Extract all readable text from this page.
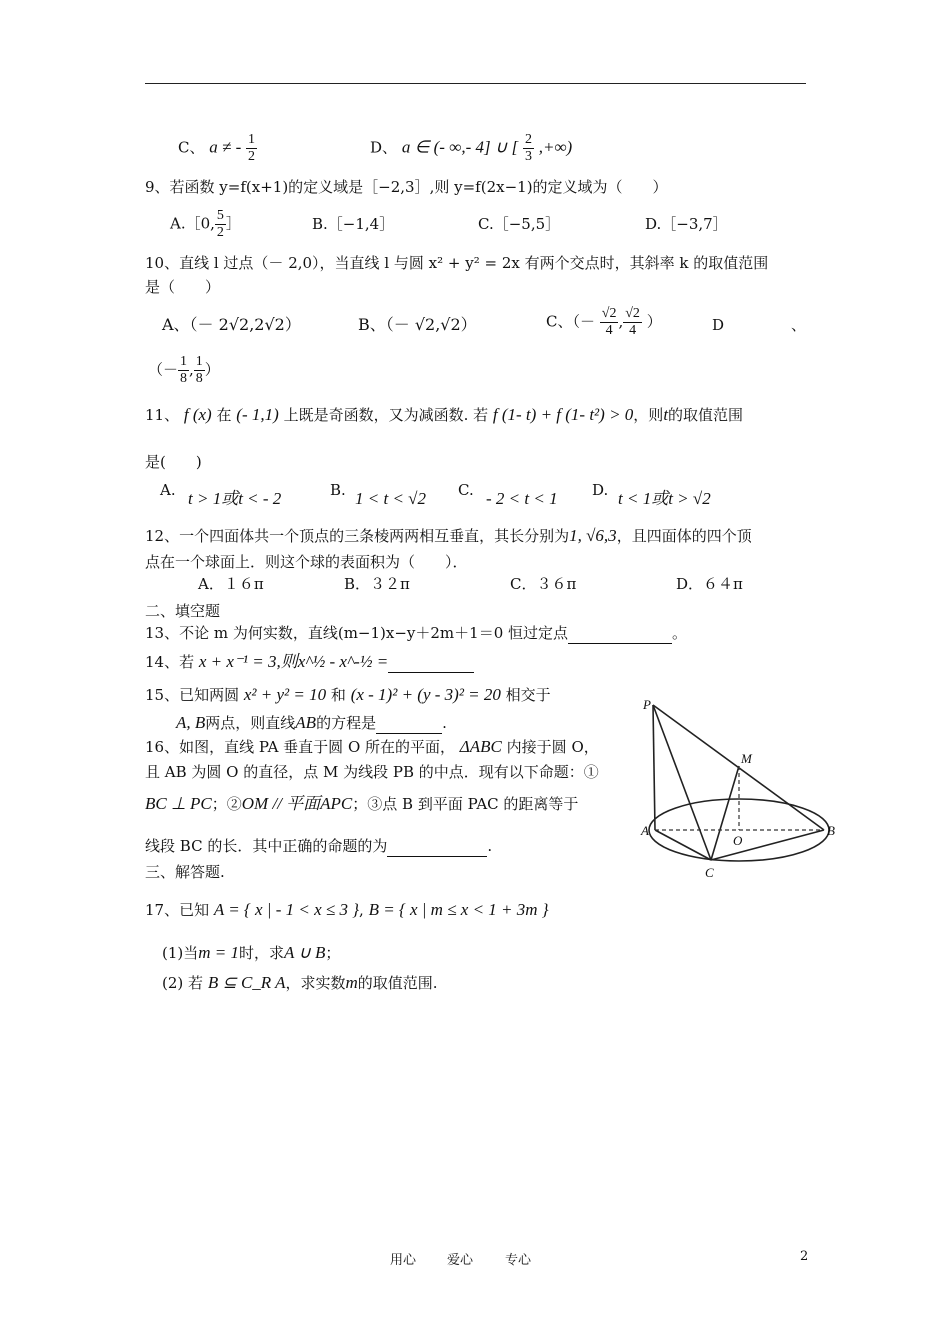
C、 a ≠ - $\frac{1}{2}$	D、 a ∈ (- ∞,- 4] ∪ [ $\frac{2}{3}$ ,+∞)
9、若函数 y=f(x+1)的定义域是［−2,3］,则 y=f(2x−1)的定义域为（　　）
A.［0, $\frac{5}{2}$ ］	B.［−1,4］	C.［−5,5］	D.［−3,7］
10、直线 l 过点（－ 2,0），当直线 l 与圆 x² + y² = 2x 有两个交点时，其斜率 k 的取值范围
是（　　）
A、（－ 2√2,2√2）	B、（－ √2,√2）	C、（－ $\frac{√2}{4}$ , $\frac{√2}{4}$ ）	D	、
（－ $\frac{1}{8}$ , $\frac{1}{8}$ ）
11、 f (x) 在 (- 1,1) 上既是奇函数，又为减函数. 若 f (1- t) + f (1- t²) > 0，则t的取值范围
是(　　)
A. t > 1或t < - 2	B. 1 < t < √2 C. - 2 < t < 1 D. t < 1或t > √2
12、一个四面体共一个顶点的三条棱两两相互垂直，其长分别为1, √6,3，且四面体的四个顶
点在一个球面上．则这个球的表面积为（　　）．
A．１６π	B．３２π	C．３６π	D．６４π
二、填空题
13、不论 m 为何实数，直线(m−1)x−y＋2m＋1＝0 恒过定点	。
14、若 x + x⁻¹ = 3,则x^½ - x^-½ =
15、已知两圆 x² + y² = 10 和 (x - 1)² + (y - 3)² = 20 相交于
A, B两点，则直线AB的方程是	.
16、如图，直线 PA 垂直于圆 O 所在的平面， ΔABC 内接于圆 O，
且 AB 为圆 O 的直径，点 M 为线段 PB 的中点．现有以下命题：①
BC ⊥ PC；②OM // 平面APC；③点 B 到平面 PAC 的距离等于
线段 BC 的长．其中正确的命题的为	.
三、解答题.
17、已知 A = { x | - 1 < x ≤ 3 }, B = { x | m ≤ x < 1 + 3m }
(1)当m = 1时，求A ∪ B；
(2) 若 B ⊆ C_R A，求实数m的取值范围.
P
M
A
O
B
C
用心 爱心 专心	2
